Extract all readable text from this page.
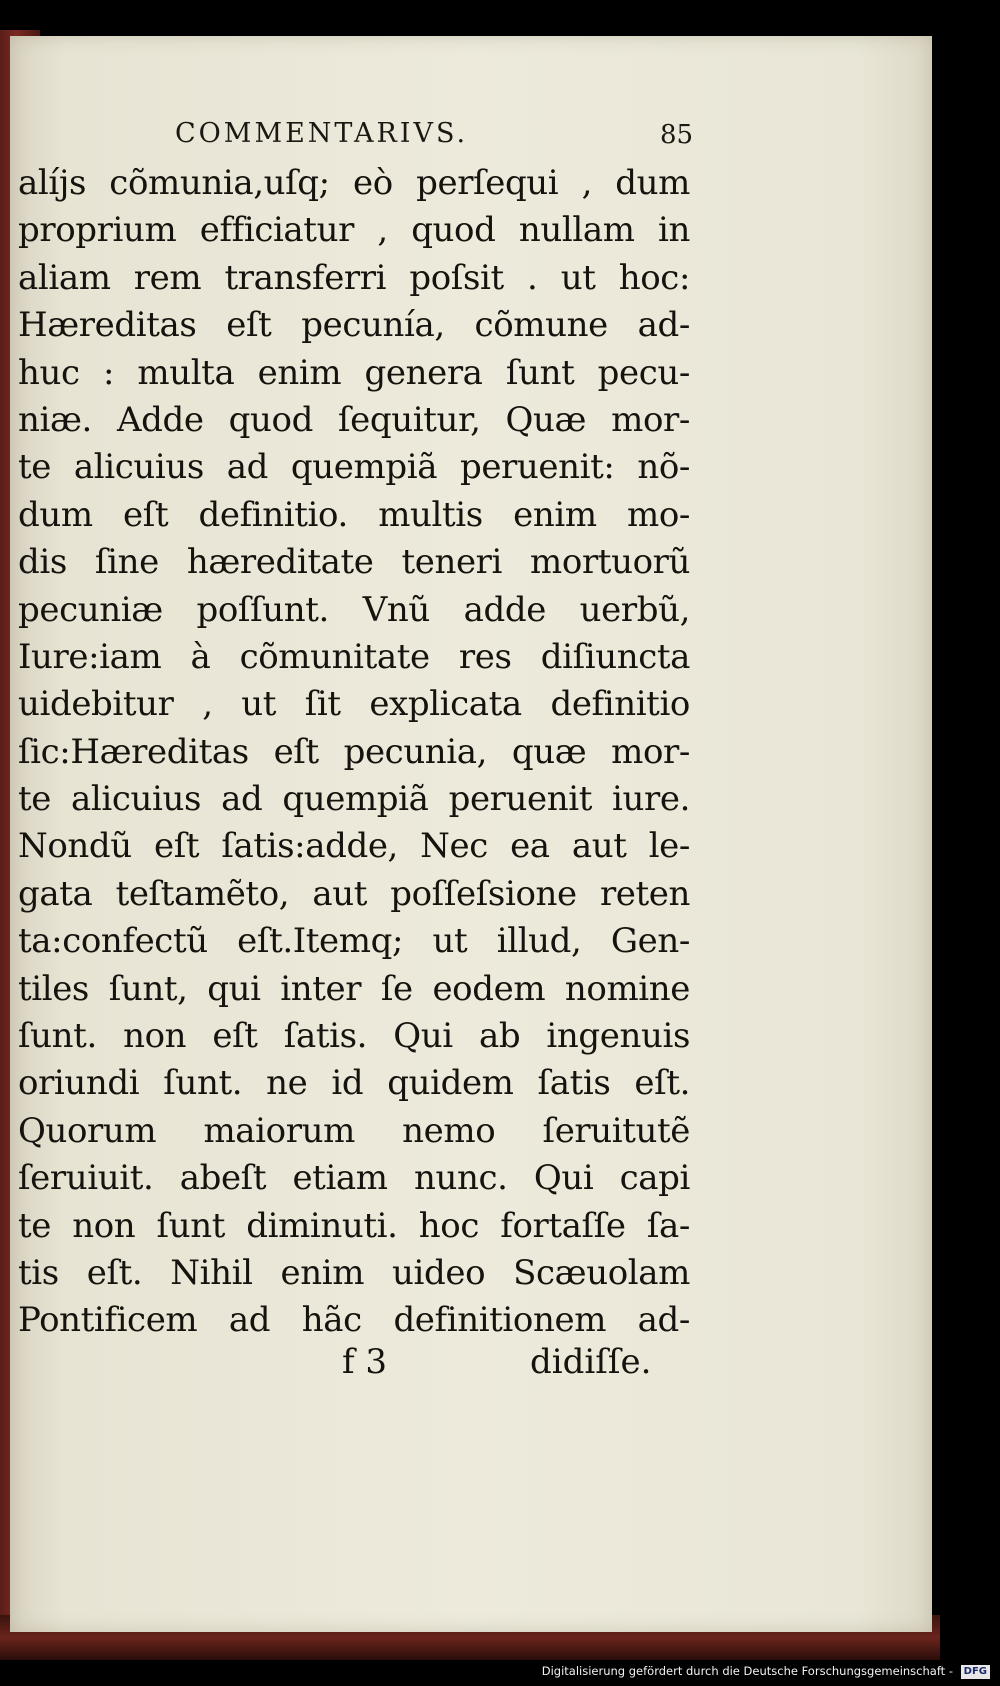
COMMENTARIVS.	85
alíjs cõmunia,uſq; eò perſequi , dum
proprium efficiatur , quod nullam in
aliam rem transferri poſsit . ut hoc:
Hæreditas eſt pecunía, cõmune ad-
huc : multa enim genera ſunt pecu-
niæ. Adde quod ſequitur, Quæ mor-
te alicuius ad quempiã peruenit: nõ-
dum eſt definitio. multis enim mo-
dis ſine hæreditate teneri mortuorũ
pecuniæ poſſunt. Vnũ adde uerbũ,
Iure:iam à cõmunitate res diſiuncta
uidebitur , ut ſit explicata definitio
ſic:Hæreditas eſt pecunia, quæ mor-
te alicuius ad quempiã peruenit iure.
Nondũ eſt ſatis:adde, Nec ea aut le-
gata teſtamẽto, aut poſſeſsione reten
ta:confectũ eſt.Itemq; ut illud, Gen-
tiles ſunt, qui inter ſe eodem nomine
ſunt. non eſt ſatis. Qui ab ingenuis
oriundi ſunt. ne id quidem ſatis eſt.
Quorum maiorum nemo ſeruitutẽ
ſeruiuit. abeſt etiam nunc. Qui capi
te non ſunt diminuti. hoc fortaſſe ſa-
tis eſt. Nihil enim uideo Scæuolam
Pontificem ad hãc definitionem ad-
f 3	didiſſe.
Digitalisierung gefördert durch die Deutsche Forschungsgemeinschaft - DFG
